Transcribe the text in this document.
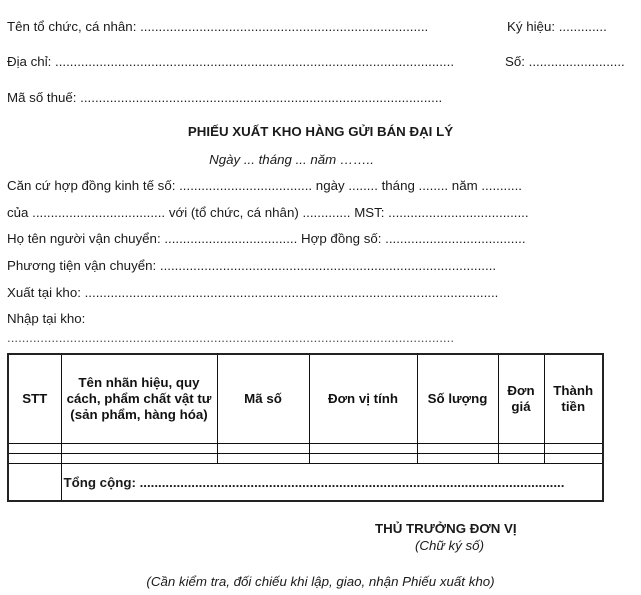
Tên tổ chức, cá nhân: ..............................................................................	Ký hiệu: .............
Địa chỉ: ............................................................................................................	Số: ..........................
Mã số thuế: ..................................................................................................
PHIẾU XUẤT KHO HÀNG GỬI BÁN ĐẠI LÝ
Ngày ... tháng ... năm ……..
Căn cứ hợp đồng kinh tế số: .................................... ngày ........ tháng ........ năm ...........
của .................................... với (tổ chức, cá nhân) ............. MST: ......................................
Họ tên người vận chuyển: .................................... Hợp đồng số: ......................................
Phương tiện vận chuyển: ...........................................................................................
Xuất tại kho: ................................................................................................................
Nhập tại kho:
.........................................................................................................................
STT	Tên nhãn hiệu, quy cách, phẩm chất vật tư (sản phẩm, hàng hóa)	Mã số	Đơn vị tính	Số lượng	Đơn giá	Thành tiền

	Tổng cộng: ...................................................................................................................					
THỦ TRƯỞNG ĐƠN VỊ
(Chữ ký số)
(Cần kiểm tra, đối chiếu khi lập, giao, nhận Phiếu xuất kho)
